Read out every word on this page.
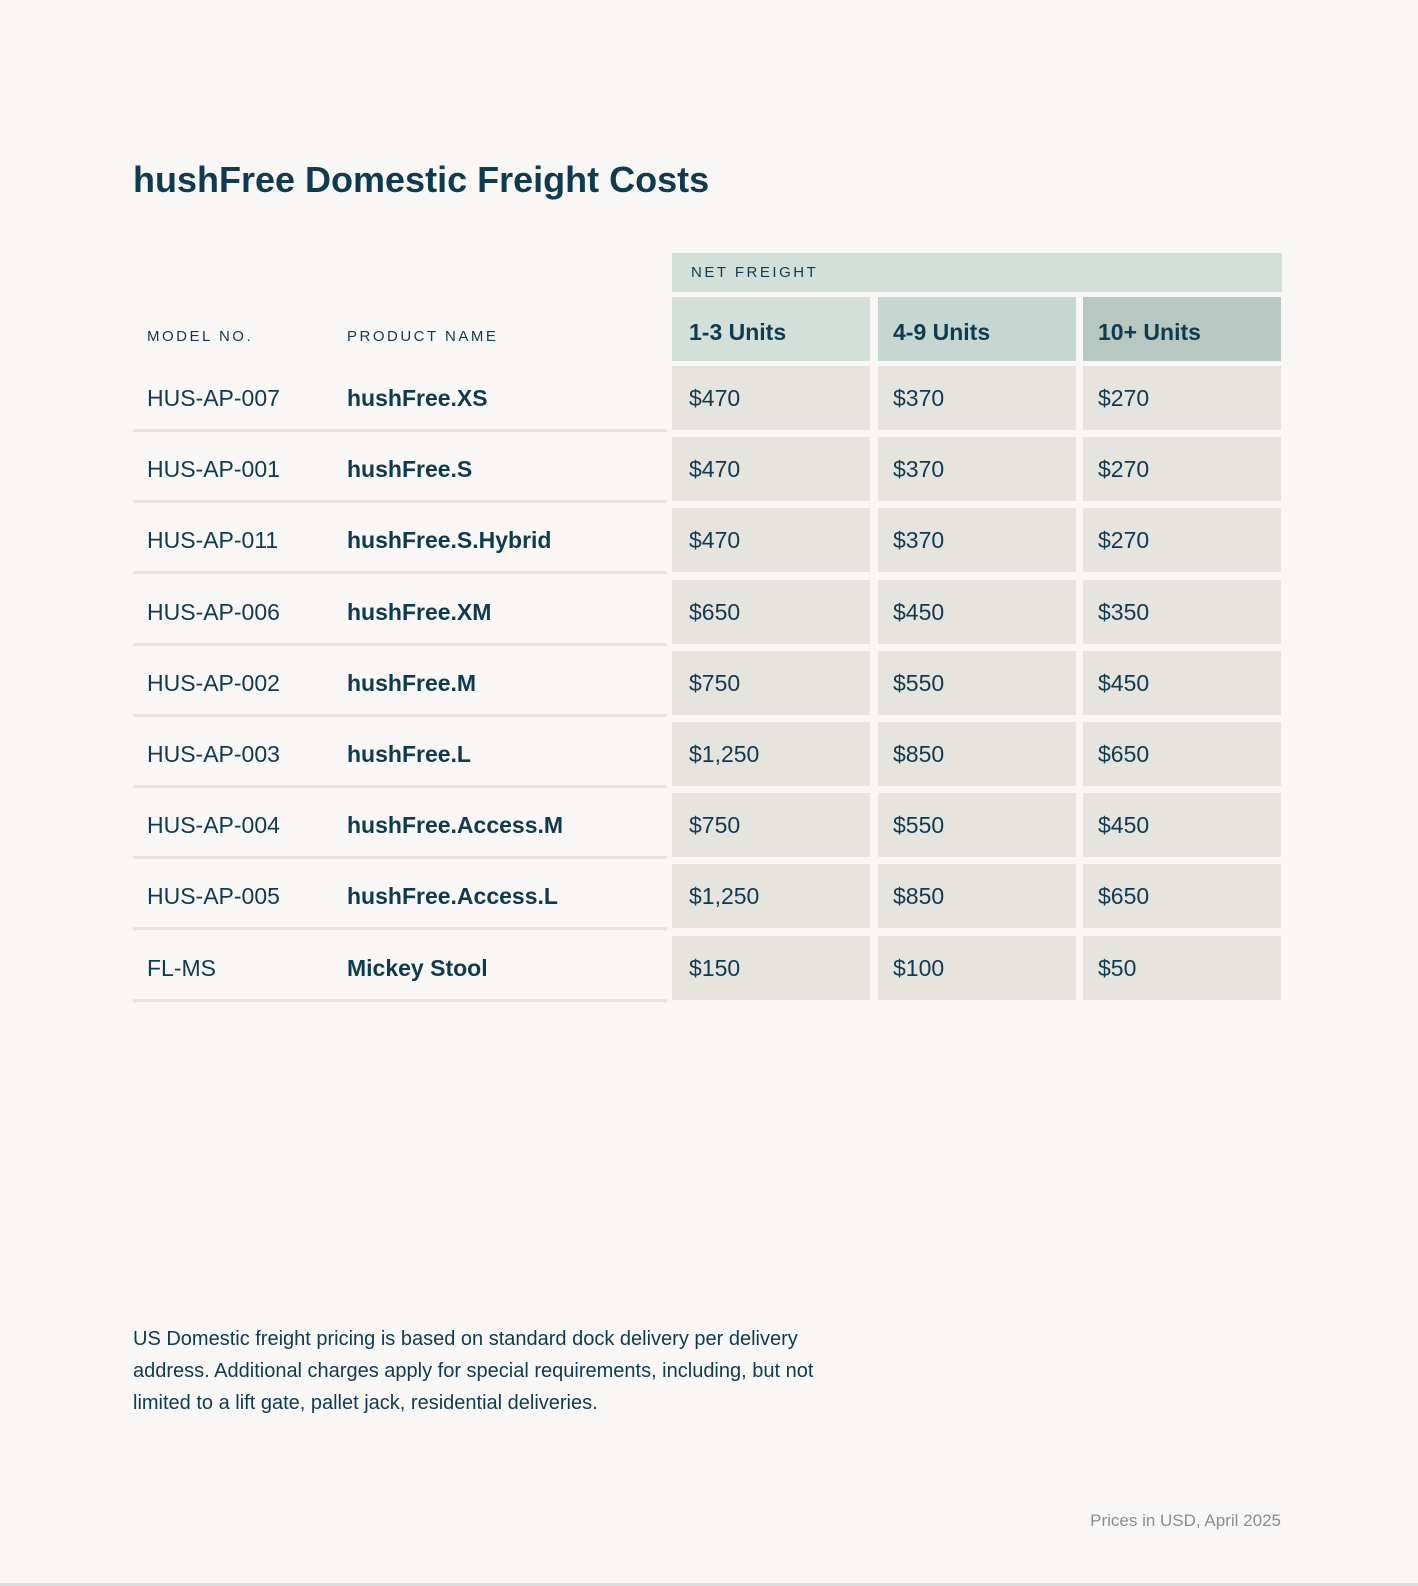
hushFree Domestic Freight Costs
NET FREIGHT
MODEL NO.	PRODUCT NAME	1-3 Units	4-9 Units	10+ Units
HUS-AP-007	hushFree.XS	$470	$370	$270
HUS-AP-001	hushFree.S	$470	$370	$270
HUS-AP-011	hushFree.S.Hybrid	$470	$370	$270
HUS-AP-006	hushFree.XM	$650	$450	$350
HUS-AP-002	hushFree.M	$750	$550	$450
HUS-AP-003	hushFree.L	$1,250	$850	$650
HUS-AP-004	hushFree.Access.M	$750	$550	$450
HUS-AP-005	hushFree.Access.L	$1,250	$850	$650
FL-MS	Mickey Stool	$150	$100	$50

US Domestic freight pricing is based on standard dock delivery per delivery address. Additional charges apply for special requirements, including, but not limited to a lift gate, pallet jack, residential deliveries.

Prices in USD, April 2025
